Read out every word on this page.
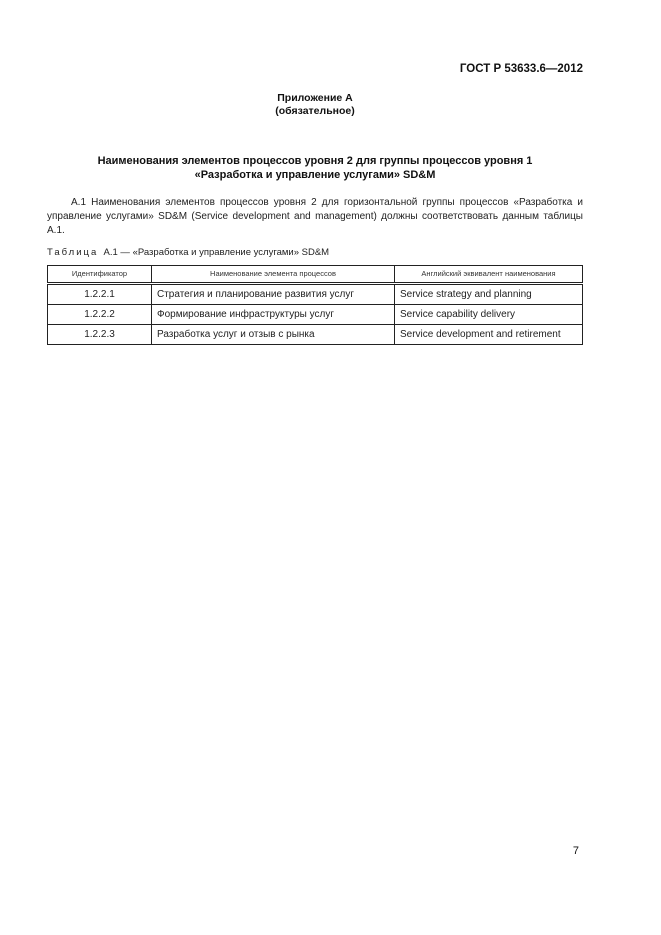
ГОСТ Р 53633.6—2012
Приложение А
(обязательное)
Наименования элементов процессов уровня 2 для группы процессов уровня 1
«Разработка и управление услугами» SD&M
А.1 Наименования элементов процессов уровня 2 для горизонтальной группы процессов «Разработка и управление услугами» SD&M (Service development and management) должны соответствовать данным таблицы А.1.
Таблица А.1 — «Разработка и управление услугами» SD&M
Идентификатор	Наименование элемента процессов	Английский эквивалент наименования
1.2.2.1	Стратегия и планирование развития услуг	Service strategy and planning
1.2.2.2	Формирование инфраструктуры услуг	Service capability delivery
1.2.2.3	Разработка услуг и отзыв с рынка	Service development and retirement
7
